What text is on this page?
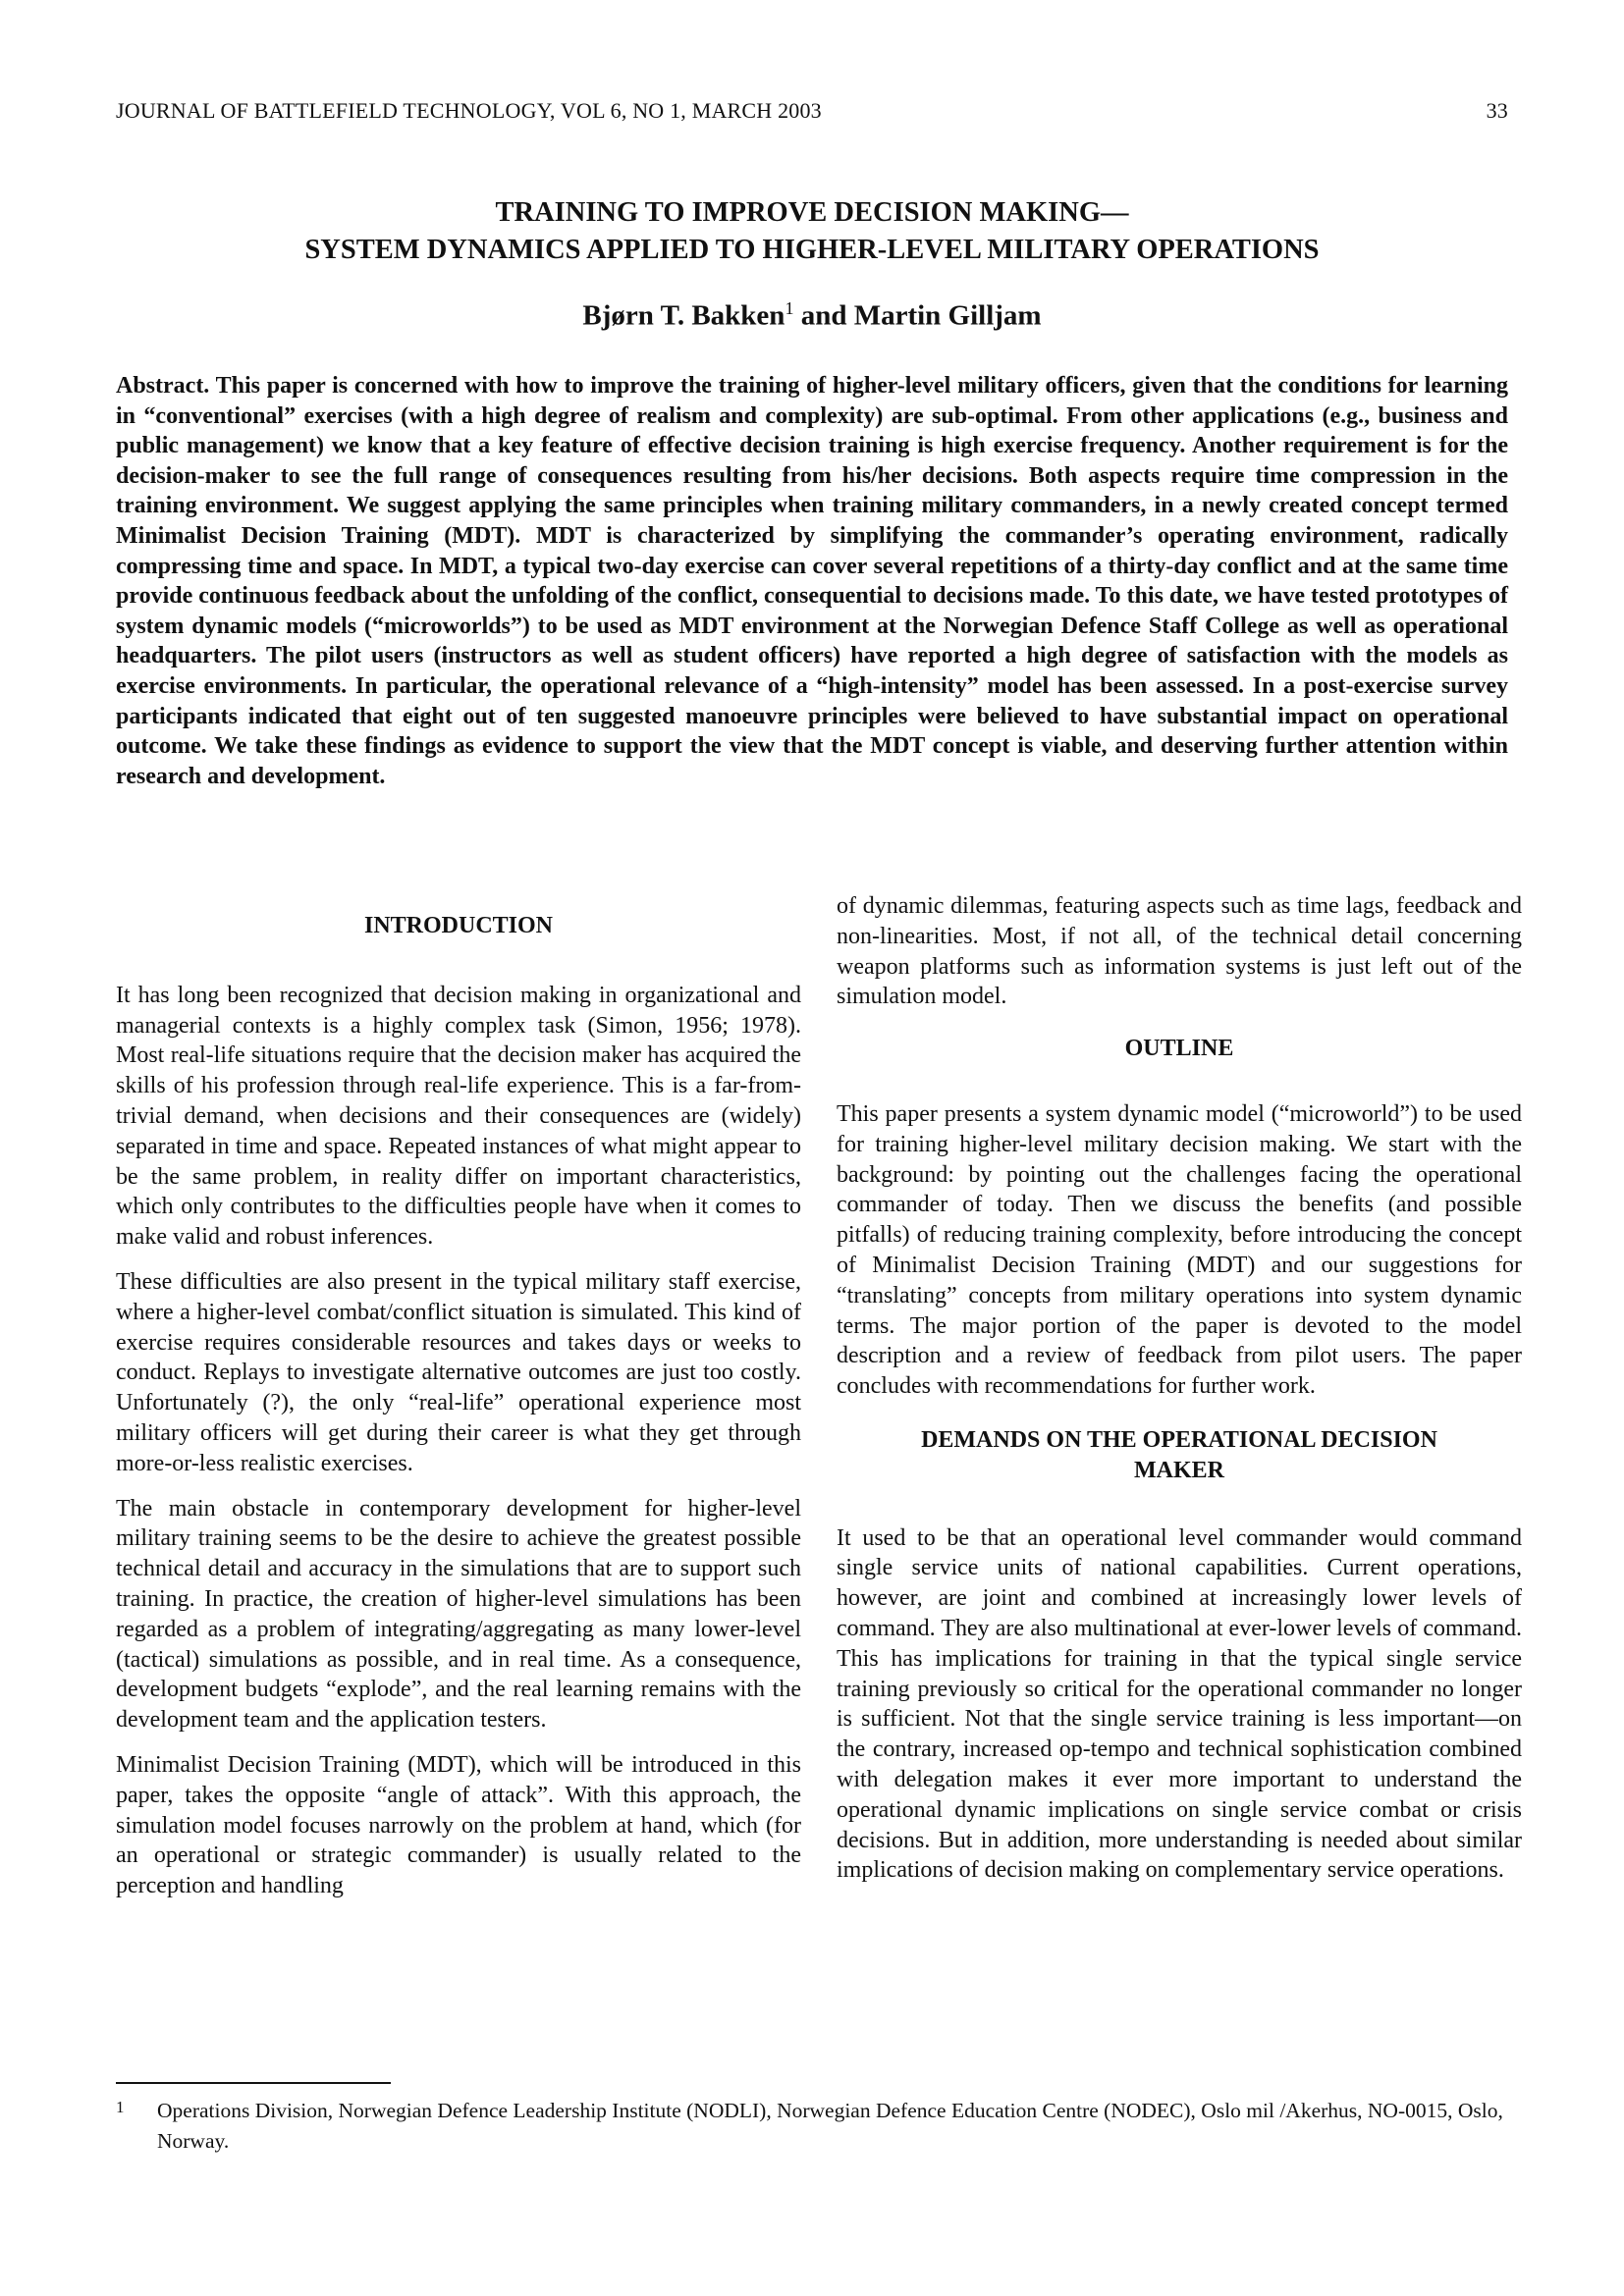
JOURNAL OF BATTLEFIELD TECHNOLOGY, VOL 6, NO 1, MARCH 2003	33
TRAINING TO IMPROVE DECISION MAKING—
SYSTEM DYNAMICS APPLIED TO HIGHER-LEVEL MILITARY OPERATIONS
Bjørn T. Bakken$^1$ and Martin Gilljam
Abstract. This paper is concerned with how to improve the training of higher-level military officers, given that the conditions for learning in “conventional” exercises (with a high degree of realism and complexity) are sub-optimal. From other applications (e.g., business and public management) we know that a key feature of effective decision training is high exercise frequency. Another requirement is for the decision-maker to see the full range of consequences resulting from his/her decisions. Both aspects require time compression in the training environment. We suggest applying the same principles when training military commanders, in a newly created concept termed Minimalist Decision Training (MDT). MDT is characterized by simplifying the commander’s operating environment, radically compressing time and space. In MDT, a typical two-day exercise can cover several repetitions of a thirty-day conflict and at the same time provide continuous feedback about the unfolding of the conflict, consequential to decisions made. To this date, we have tested prototypes of system dynamic models (“microworlds”) to be used as MDT environment at the Norwegian Defence Staff College as well as operational headquarters. The pilot users (instructors as well as student officers) have reported a high degree of satisfaction with the models as exercise environments. In particular, the operational relevance of a “high-intensity” model has been assessed. In a post-exercise survey participants indicated that eight out of ten suggested manoeuvre principles were believed to have substantial impact on operational outcome. We take these findings as evidence to support the view that the MDT concept is viable, and deserving further attention within research and development.
INTRODUCTION

It has long been recognized that decision making in organizational and managerial contexts is a highly complex task (Simon, 1956; 1978). Most real-life situations require that the decision maker has acquired the skills of his profession through real-life experience. This is a far-from-trivial demand, when decisions and their consequences are (widely) separated in time and space. Repeated instances of what might appear to be the same problem, in reality differ on important characteristics, which only contributes to the difficulties people have when it comes to make valid and robust inferences.

These difficulties are also present in the typical military staff exercise, where a higher-level combat/conflict situation is simulated. This kind of exercise requires considerable resources and takes days or weeks to conduct. Replays to investigate alternative outcomes are just too costly. Unfortunately (?), the only “real-life” operational experience most military officers will get during their career is what they get through more-or-less realistic exercises.

The main obstacle in contemporary development for higher-level military training seems to be the desire to achieve the greatest possible technical detail and accuracy in the simulations that are to support such training. In practice, the creation of higher-level simulations has been regarded as a problem of integrating/aggregating as many lower-level (tactical) simulations as possible, and in real time. As a consequence, development budgets “explode”, and the real learning remains with the development team and the application testers.

Minimalist Decision Training (MDT), which will be introduced in this paper, takes the opposite “angle of attack”. With this approach, the simulation model focuses narrowly on the problem at hand, which (for an operational or strategic commander) is usually related to the perception and handling

of dynamic dilemmas, featuring aspects such as time lags, feedback and non-linearities. Most, if not all, of the technical detail concerning weapon platforms such as information systems is just left out of the simulation model.

OUTLINE

This paper presents a system dynamic model (“microworld”) to be used for training higher-level military decision making. We start with the background: by pointing out the challenges facing the operational commander of today. Then we discuss the benefits (and possible pitfalls) of reducing training complexity, before introducing the concept of Minimalist Decision Training (MDT) and our suggestions for “translating” concepts from military operations into system dynamic terms. The major portion of the paper is devoted to the model description and a review of feedback from pilot users. The paper concludes with recommendations for further work.

DEMANDS ON THE OPERATIONAL DECISION MAKER

It used to be that an operational level commander would command single service units of national capabilities. Current operations, however, are joint and combined at increasingly lower levels of command. They are also multinational at ever-lower levels of command. This has implications for training in that the typical single service training previously so critical for the operational commander no longer is sufficient. Not that the single service training is less important—on the contrary, increased op-tempo and technical sophistication combined with delegation makes it ever more important to understand the operational dynamic implications on single service combat or crisis decisions. But in addition, more understanding is needed about similar implications of decision making on complementary service operations.

1 Operations Division, Norwegian Defence Leadership Institute (NODLI), Norwegian Defence Education Centre (NODEC), Oslo mil /Akerhus, NO-0015, Oslo, Norway.
